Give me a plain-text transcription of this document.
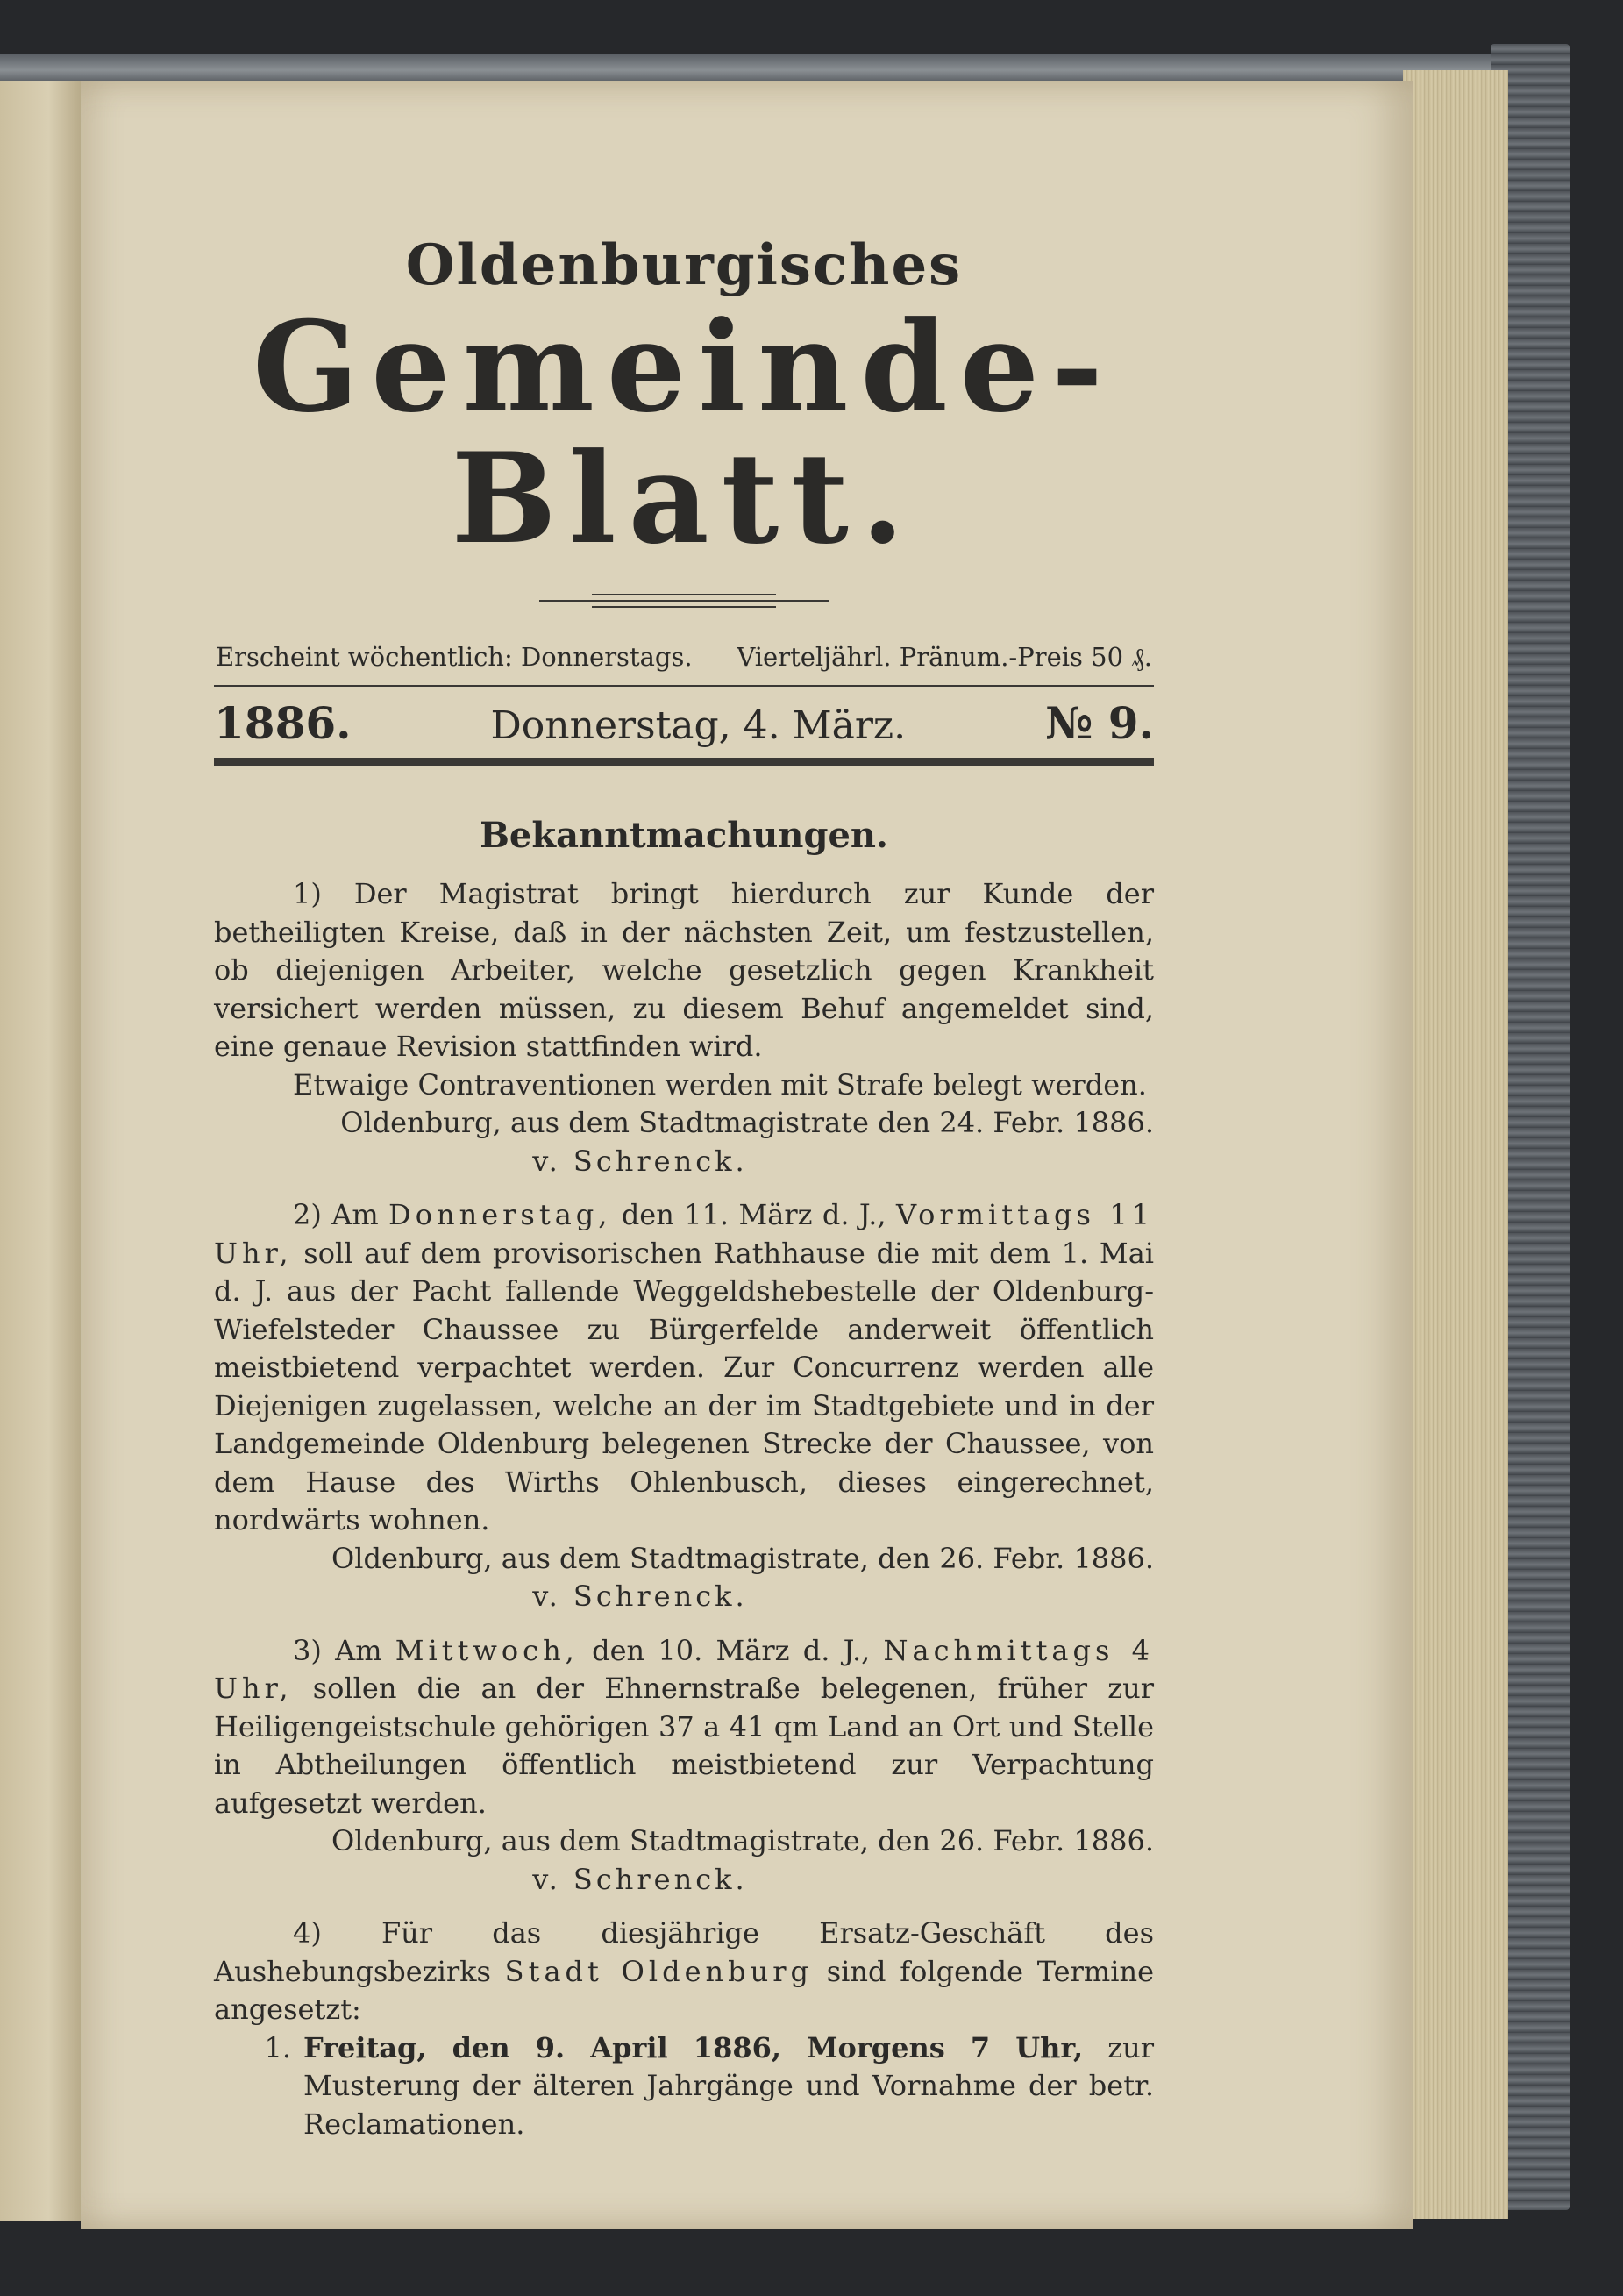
Oldenburgisches
Gemeinde-Blatt.
Erscheint wöchentlich: Donnerstags. Vierteljährl. Pränum.-Preis 50 ₰.
1886.	Donnerstag, 4. März.	№ 9.
Bekanntmachungen.

1) Der Magistrat bringt hierdurch zur Kunde der betheiligten Kreise, daß in der nächsten Zeit, um festzustellen, ob diejenigen Arbeiter, welche gesetzlich gegen Krankheit versichert werden müssen, zu diesem Behuf angemeldet sind, eine genaue Revision stattfinden wird.

Etwaige Contraventionen werden mit Strafe belegt werden.

Oldenburg, aus dem Stadtmagistrate den 24. Febr. 1886.

v. Schrenck.

2) Am Donnerstag, den 11. März d. J., Vormittags 11 Uhr, soll auf dem provisorischen Rathhause die mit dem 1. Mai d. J. aus der Pacht fallende Weggeldshebestelle der Oldenburg-Wiefelsteder Chaussee zu Bürgerfelde anderweit öffentlich meistbietend verpachtet werden. Zur Concurrenz werden alle Diejenigen zugelassen, welche an der im Stadtgebiete und in der Landgemeinde Oldenburg belegenen Strecke der Chaussee, von dem Hause des Wirths Ohlenbusch, dieses eingerechnet, nordwärts wohnen.

Oldenburg, aus dem Stadtmagistrate, den 26. Febr. 1886.

v. Schrenck.

3) Am Mittwoch, den 10. März d. J., Nachmittags 4 Uhr, sollen die an der Ehnernstraße belegenen, früher zur Heiligengeistschule gehörigen 37 a 41 qm Land an Ort und Stelle in Abtheilungen öffentlich meistbietend zur Verpachtung aufgesetzt werden.

Oldenburg, aus dem Stadtmagistrate, den 26. Febr. 1886.

v. Schrenck.

4) Für das diesjährige Ersatz-Geschäft des Aushebungsbezirks Stadt Oldenburg sind folgende Termine angesetzt:

1. Freitag, den 9. April 1886, Morgens 7 Uhr, zur Musterung der älteren Jahrgänge und Vornahme der betr. Reclamationen.
